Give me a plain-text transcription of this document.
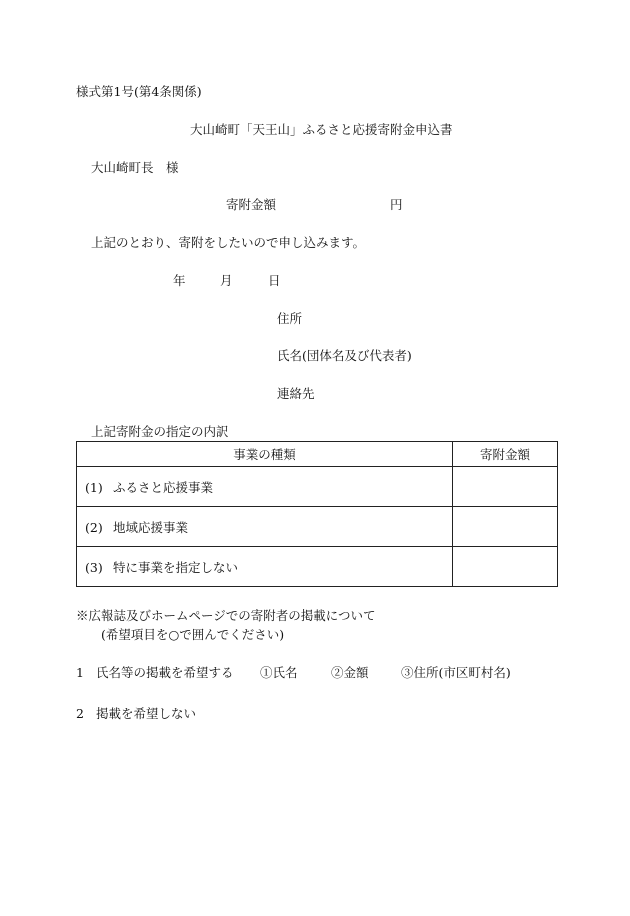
様式第1号(第4条関係)
大山崎町「天王山」ふるさと応援寄附金申込書
大山崎町長　様
寄附金額	円
上記のとおり、寄附をしたいので申し込みます。
年	月	日
住所
氏名(団体名及び代表者)
連絡先
上記寄附金の指定の内訳
事業の種類	寄附金額
(1) ふるさと応援事業	
(2) 地域応援事業	
(3) 特に事業を指定しない	
※広報誌及びホームページでの寄附者の掲載について
(希望項目を○で囲んでください)
1 氏名等の掲載を希望する ①氏名	②金額	③住所(市区町村名)
2 掲載を希望しない
